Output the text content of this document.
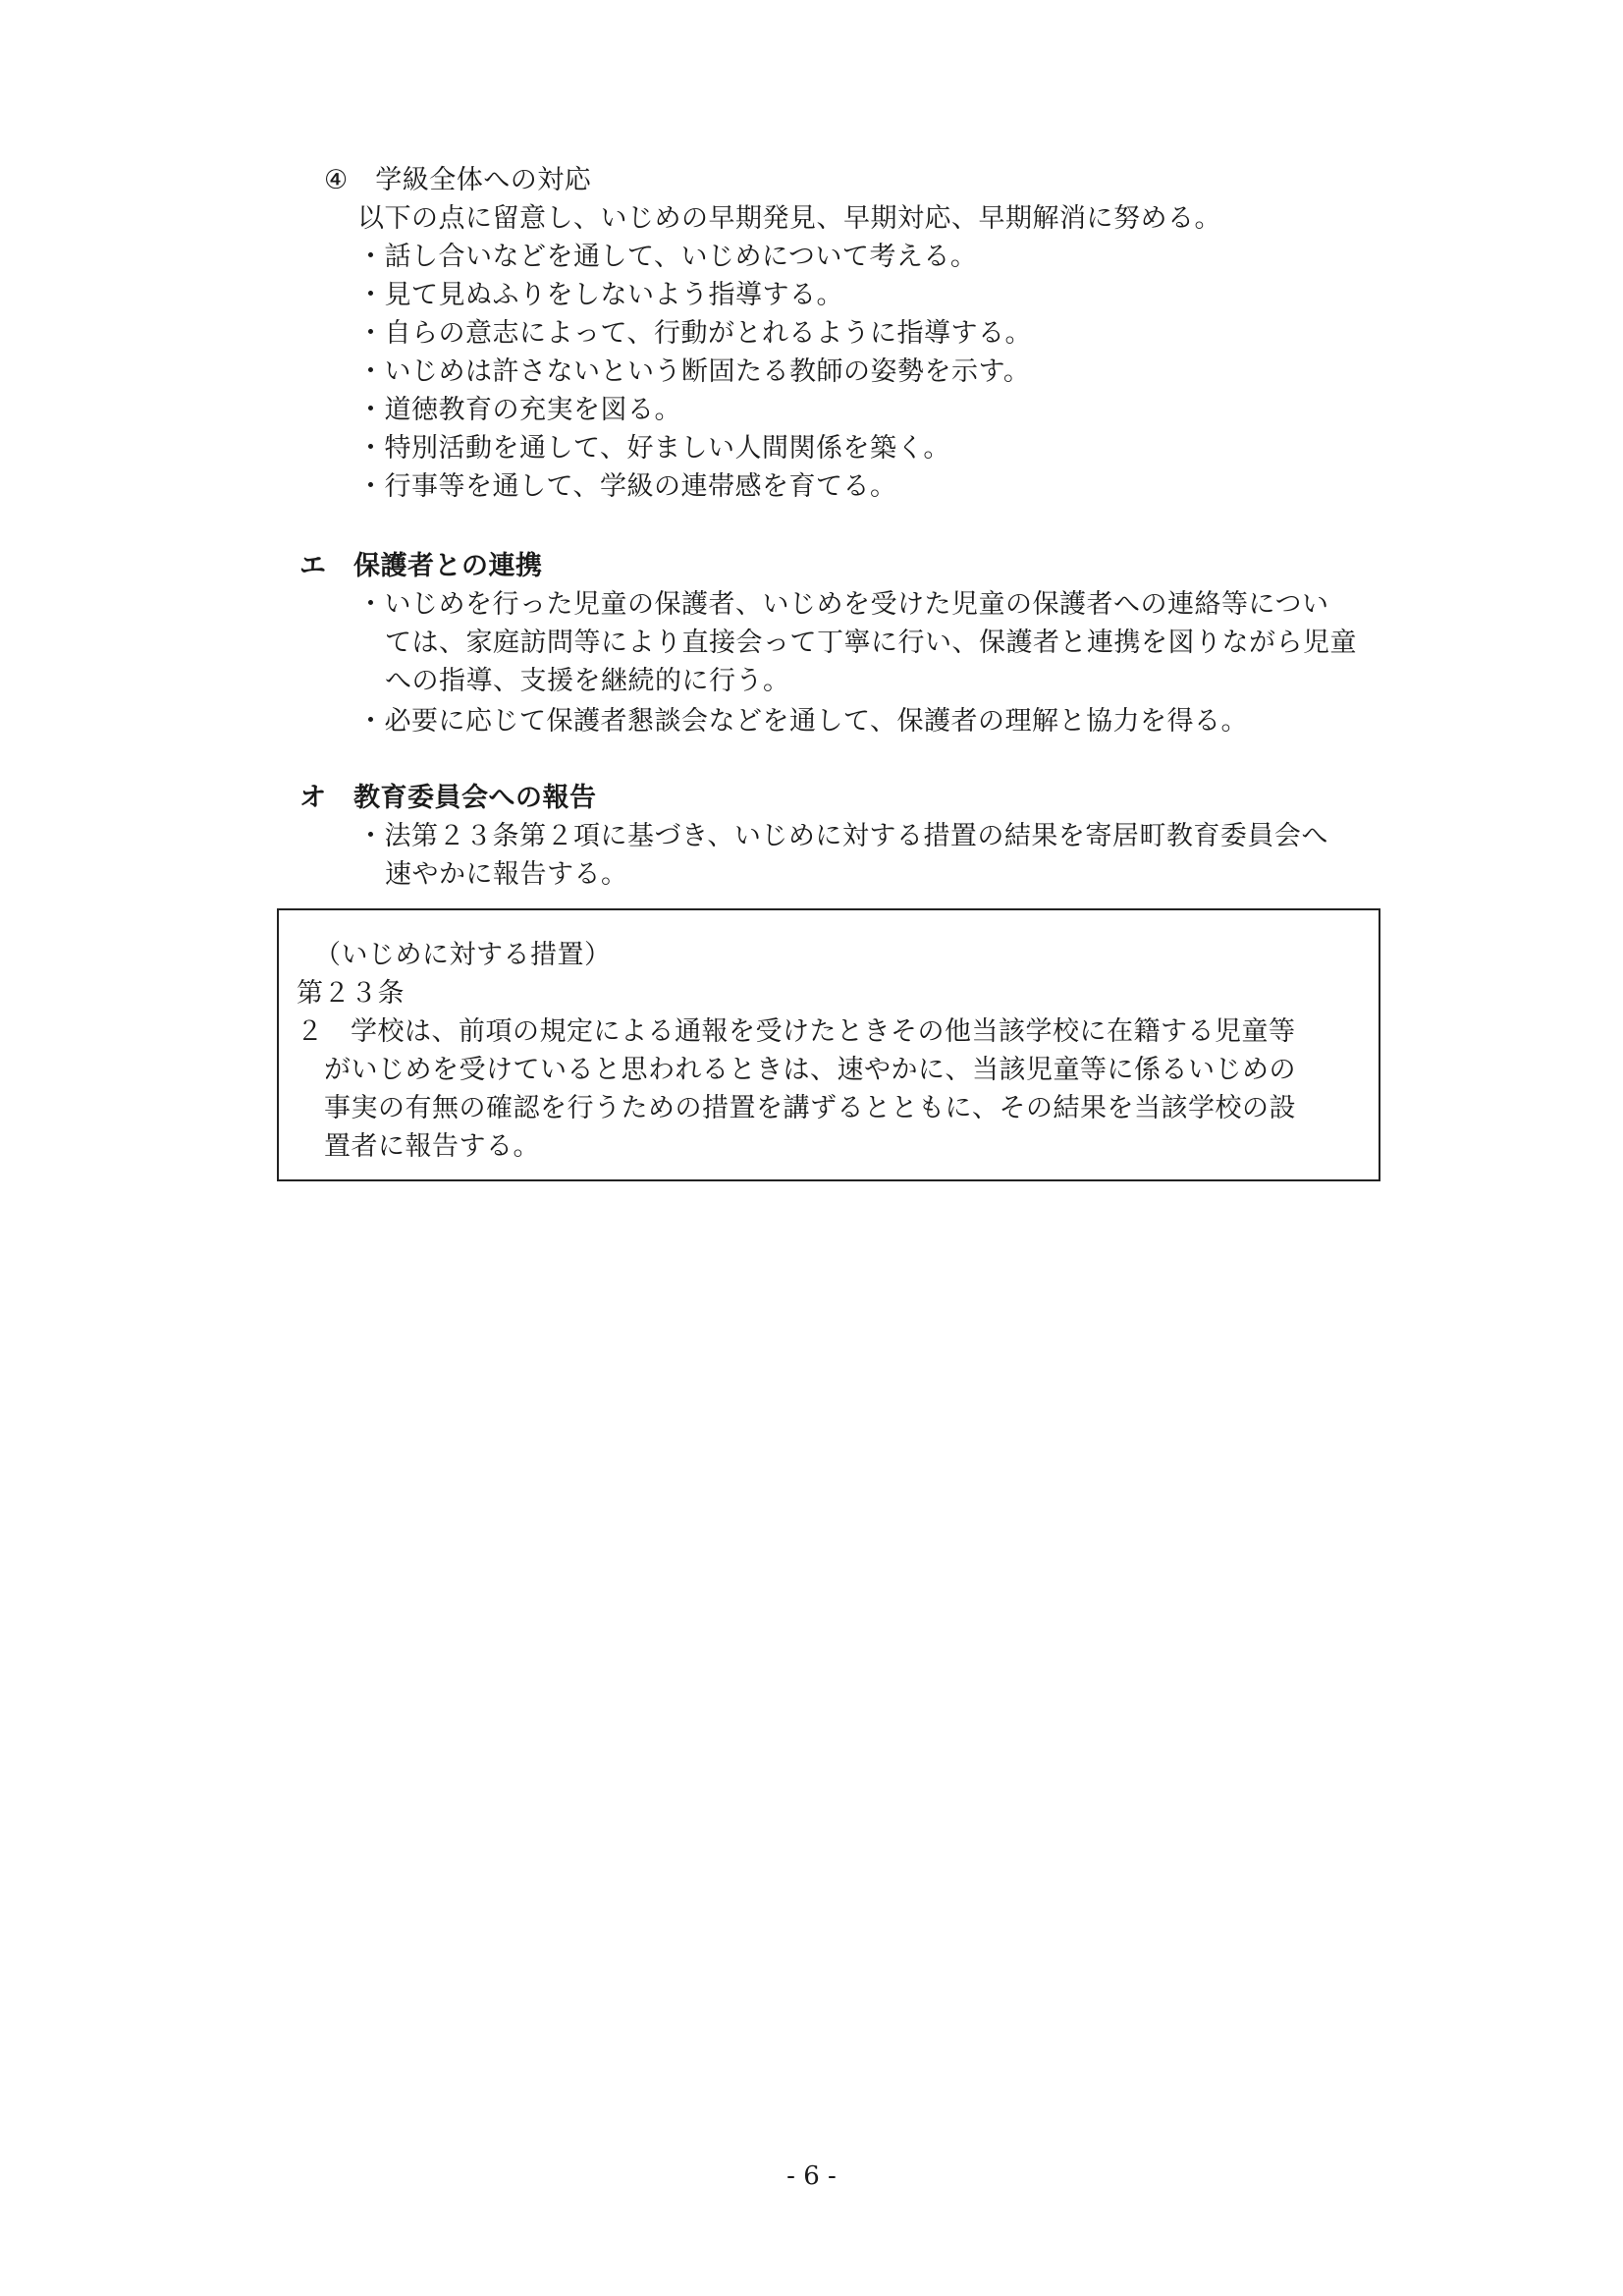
④　学級全体への対応
以下の点に留意し、いじめの早期発見、早期対応、早期解消に努める。
・話し合いなどを通して、いじめについて考える。
・見て見ぬふりをしないよう指導する。
・自らの意志によって、行動がとれるように指導する。
・いじめは許さないという断固たる教師の姿勢を示す。
・道徳教育の充実を図る。
・特別活動を通して、好ましい人間関係を築く。
・行事等を通して、学級の連帯感を育てる。
エ　保護者との連携
・いじめを行った児童の保護者、いじめを受けた児童の保護者への連絡等につい
ては、家庭訪問等により直接会って丁寧に行い、保護者と連携を図りながら児童
への指導、支援を継続的に行う。
・必要に応じて保護者懇談会などを通して、保護者の理解と協力を得る。
オ　教育委員会への報告
・法第２３条第２項に基づき、いじめに対する措置の結果を寄居町教育委員会へ
速やかに報告する。
（いじめに対する措置）
第２３条
２　学校は、前項の規定による通報を受けたときその他当該学校に在籍する児童等
がいじめを受けていると思われるときは、速やかに、当該児童等に係るいじめの
事実の有無の確認を行うための措置を講ずるとともに、その結果を当該学校の設
置者に報告する。
- 6 -
